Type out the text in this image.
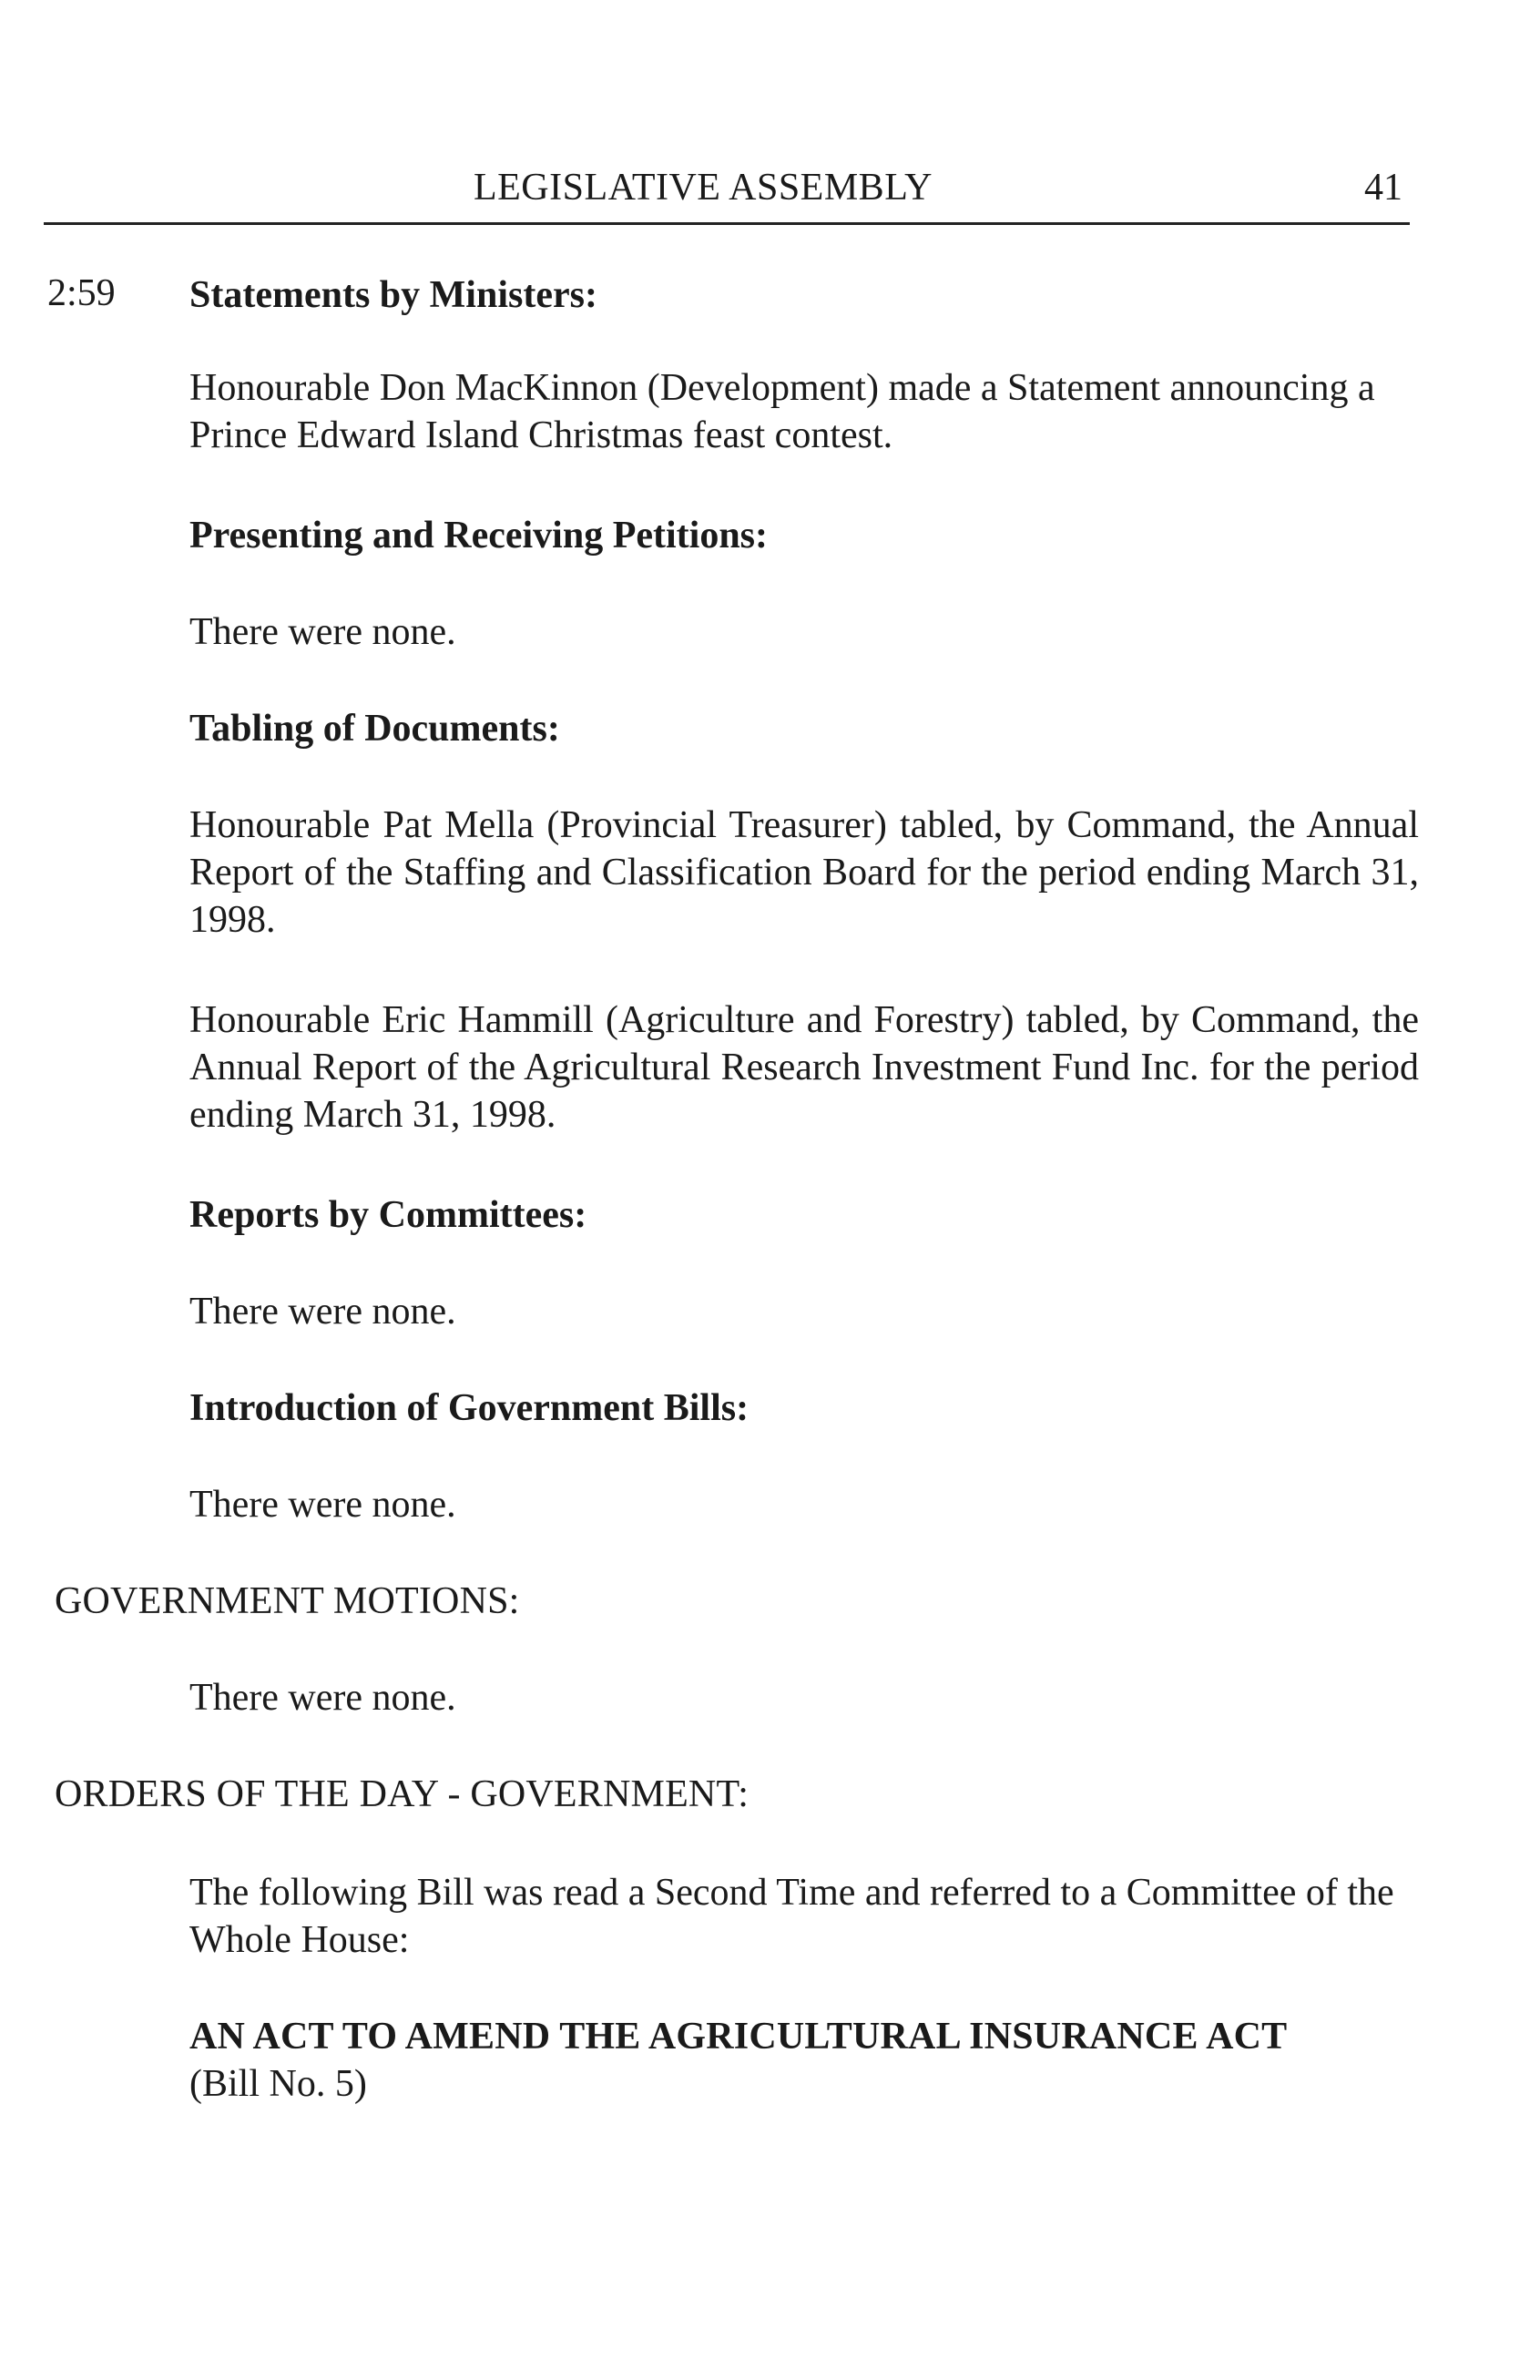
LEGISLATIVE ASSEMBLY	41
2:59 Statements by Ministers:
Honourable Don MacKinnon (Development) made a Statement announcing a Prince Edward Island Christmas feast contest.
Presenting and Receiving Petitions:
There were none.
Tabling of Documents:
Honourable Pat Mella (Provincial Treasurer) tabled, by Command, the Annual Report of the Staffing and Classification Board for the period ending March 31, 1998.
Honourable Eric Hammill (Agriculture and Forestry) tabled, by Command, the Annual Report of the Agricultural Research Investment Fund Inc. for the period ending March 31, 1998.
Reports by Committees:
There were none.
Introduction of Government Bills:
There were none.
GOVERNMENT MOTIONS:
There were none.
ORDERS OF THE DAY - GOVERNMENT:
The following Bill was read a Second Time and referred to a Committee of the Whole House:
AN ACT TO AMEND THE AGRICULTURAL INSURANCE ACT
(Bill No. 5)
